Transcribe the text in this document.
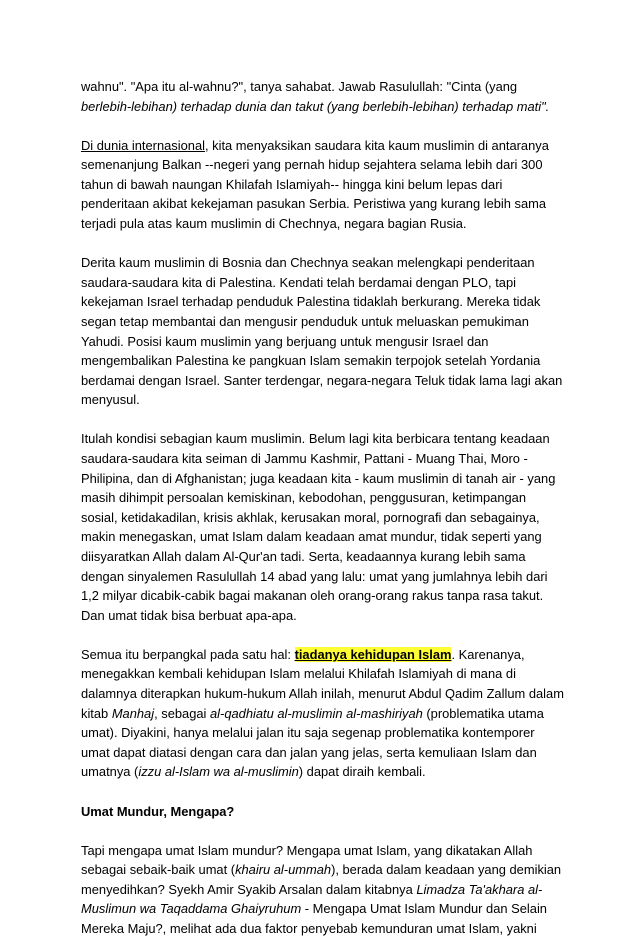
wahnu". "Apa itu al-wahnu?", tanya sahabat. Jawab Rasulullah: "Cinta (yang

berlebih-lebihan) terhadap dunia dan takut (yang berlebih-lebihan) terhadap mati".

Di dunia internasional, kita menyaksikan saudara kita kaum muslimin di antaranya

semenanjung Balkan --negeri yang pernah hidup sejahtera selama lebih dari 300

tahun di bawah naungan Khilafah Islamiyah-- hingga kini belum lepas dari

penderitaan akibat kekejaman pasukan Serbia. Peristiwa yang kurang lebih sama

terjadi pula atas kaum muslimin di Chechnya, negara bagian Rusia.

Derita kaum muslimin di Bosnia dan Chechnya seakan melengkapi penderitaan

saudara-saudara kita di Palestina. Kendati telah berdamai dengan PLO, tapi

kekejaman Israel terhadap penduduk Palestina tidaklah berkurang. Mereka tidak

segan tetap membantai dan mengusir penduduk untuk meluaskan pemukiman

Yahudi. Posisi kaum muslimin yang berjuang untuk mengusir Israel dan

mengembalikan Palestina ke pangkuan Islam semakin terpojok setelah Yordania

berdamai dengan Israel. Santer terdengar, negara-negara Teluk tidak lama lagi akan

menyusul.

Itulah kondisi sebagian kaum muslimin. Belum lagi kita berbicara tentang keadaan

saudara-saudara kita seiman di Jammu Kashmir, Pattani - Muang Thai, Moro -

Philipina, dan di Afghanistan; juga keadaan kita - kaum muslimin di tanah air - yang

masih dihimpit persoalan kemiskinan, kebodohan, penggusuran, ketimpangan

sosial, ketidakadilan, krisis akhlak, kerusakan moral, pornografi dan sebagainya,

makin menegaskan, umat Islam dalam keadaan amat mundur, tidak seperti yang

diisyaratkan Allah dalam Al-Qur'an tadi. Serta, keadaannya kurang lebih sama

dengan sinyalemen Rasulullah 14 abad yang lalu: umat yang jumlahnya lebih dari

1,2 milyar dicabik-cabik bagai makanan oleh orang-orang rakus tanpa rasa takut.

Dan umat tidak bisa berbuat apa-apa.

Semua itu berpangkal pada satu hal: tiadanya kehidupan Islam. Karenanya,

menegakkan kembali kehidupan Islam melalui Khilafah Islamiyah di mana di

dalamnya diterapkan hukum-hukum Allah inilah, menurut Abdul Qadim Zallum dalam

kitab Manhaj, sebagai al-qadhiatu al-muslimin al-mashiriyah (problematika utama

umat). Diyakini, hanya melalui jalan itu saja segenap problematika kontemporer

umat dapat diatasi dengan cara dan jalan yang jelas, serta kemuliaan Islam dan

umatnya (izzu al-Islam wa al-muslimin) dapat diraih kembali.

Umat Mundur, Mengapa?

Tapi mengapa umat Islam mundur? Mengapa umat Islam, yang dikatakan Allah

sebagai sebaik-baik umat (khairu al-ummah), berada dalam keadaan yang demikian

menyedihkan? Syekh Amir Syakib Arsalan dalam kitabnya Limadza Ta'akhara al-

Muslimun wa Taqaddama Ghaiyruhum - Mengapa Umat Islam Mundur dan Selain

Mereka Maju?, melihat ada dua faktor penyebab kemunduran umat Islam, yakni
